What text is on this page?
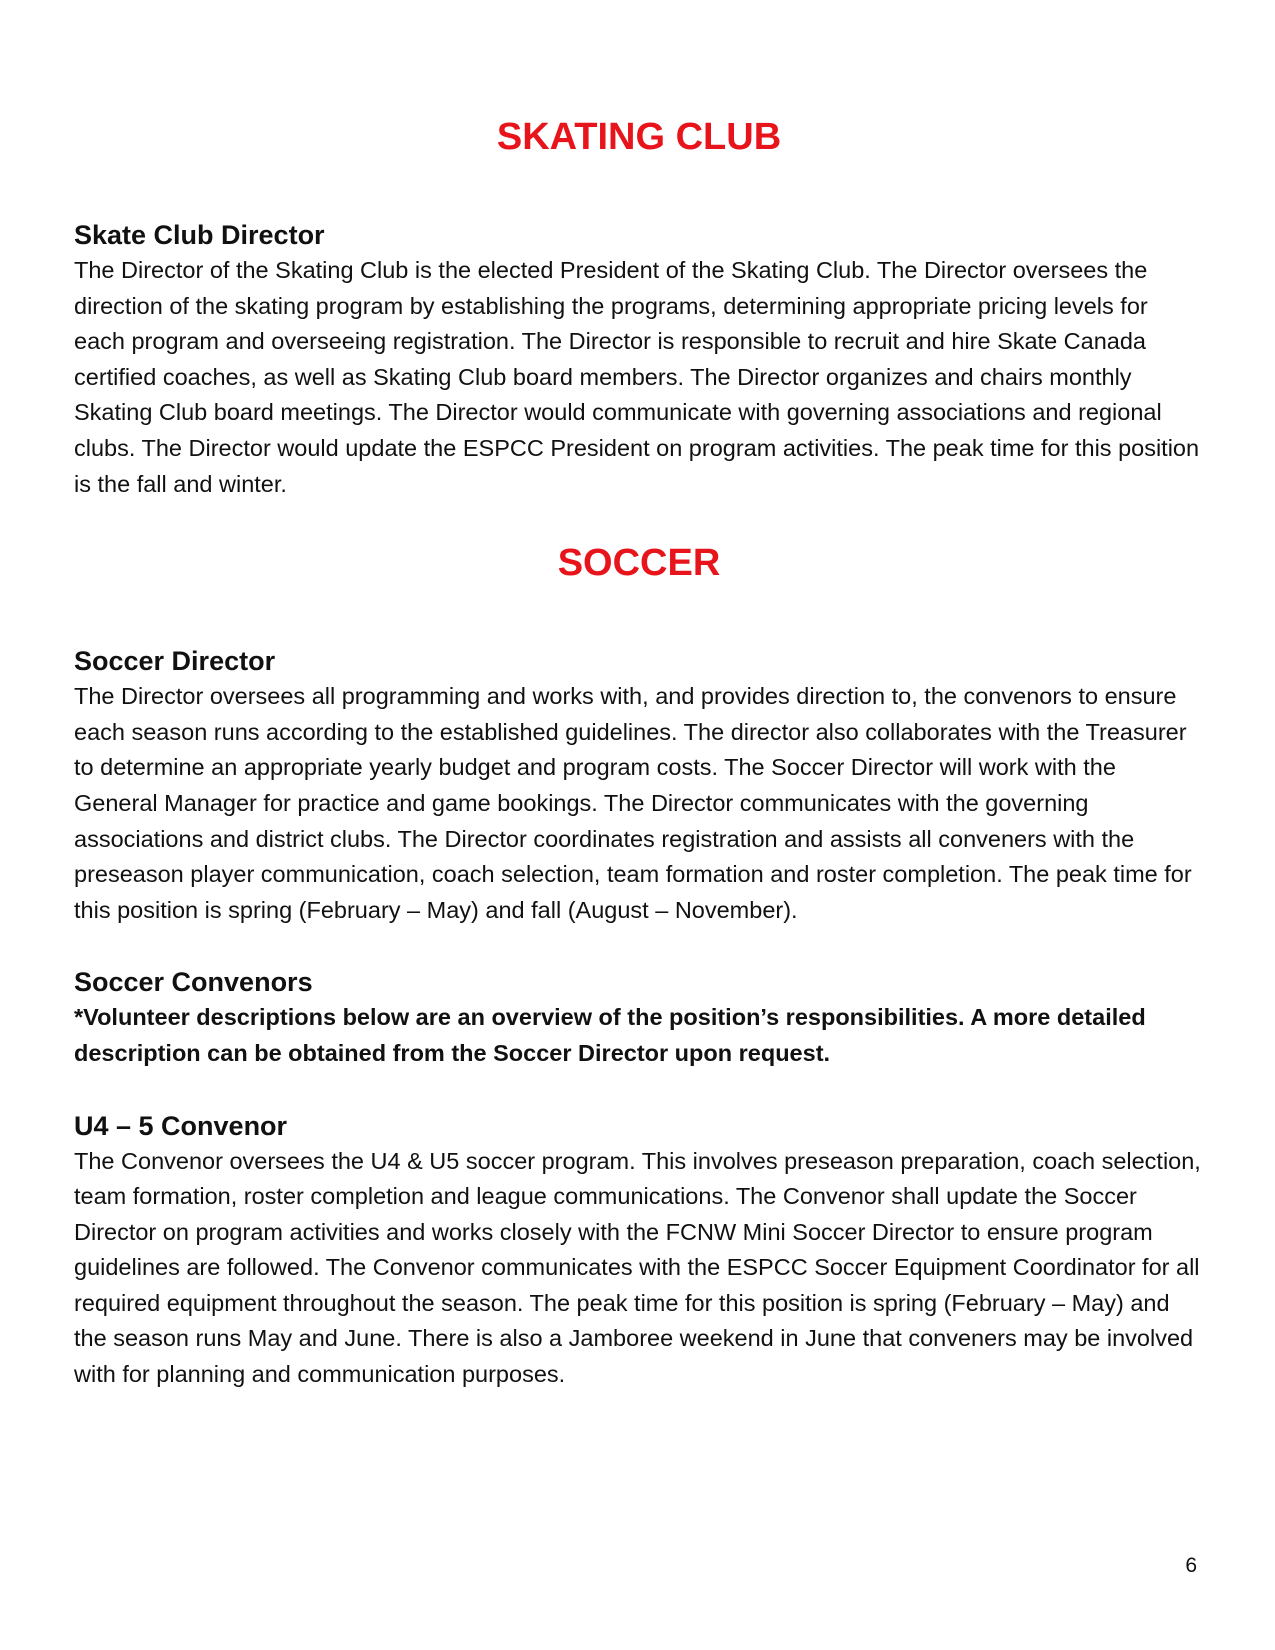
SKATING CLUB
Skate Club Director

The Director of the Skating Club is the elected President of the Skating Club. The Director oversees the direction of the skating program by establishing the programs, determining appropriate pricing levels for each program and overseeing registration. The Director is responsible to recruit and hire Skate Canada certified coaches, as well as Skating Club board members. The Director organizes and chairs monthly Skating Club board meetings. The Director would communicate with governing associations and regional clubs. The Director would update the ESPCC President on program activities. The peak time for this position is the fall and winter.

SOCCER
Soccer Director

The Director oversees all programming and works with, and provides direction to, the convenors to ensure each season runs according to the established guidelines. The director also collaborates with the Treasurer to determine an appropriate yearly budget and program costs. The Soccer Director will work with the General Manager for practice and game bookings. The Director communicates with the governing associations and district clubs. The Director coordinates registration and assists all conveners with the preseason player communication, coach selection, team formation and roster completion. The peak time for this position is spring (February – May) and fall (August – November).

Soccer Convenors

*Volunteer descriptions below are an overview of the position’s responsibilities. A more detailed description can be obtained from the Soccer Director upon request.

U4 – 5 Convenor

The Convenor oversees the U4 & U5 soccer program. This involves preseason preparation, coach selection, team formation, roster completion and league communications. The Convenor shall update the Soccer Director on program activities and works closely with the FCNW Mini Soccer Director to ensure program guidelines are followed. The Convenor communicates with the ESPCC Soccer Equipment Coordinator for all required equipment throughout the season. The peak time for this position is spring (February – May) and the season runs May and June. There is also a Jamboree weekend in June that conveners may be involved with for planning and communication purposes.

6
